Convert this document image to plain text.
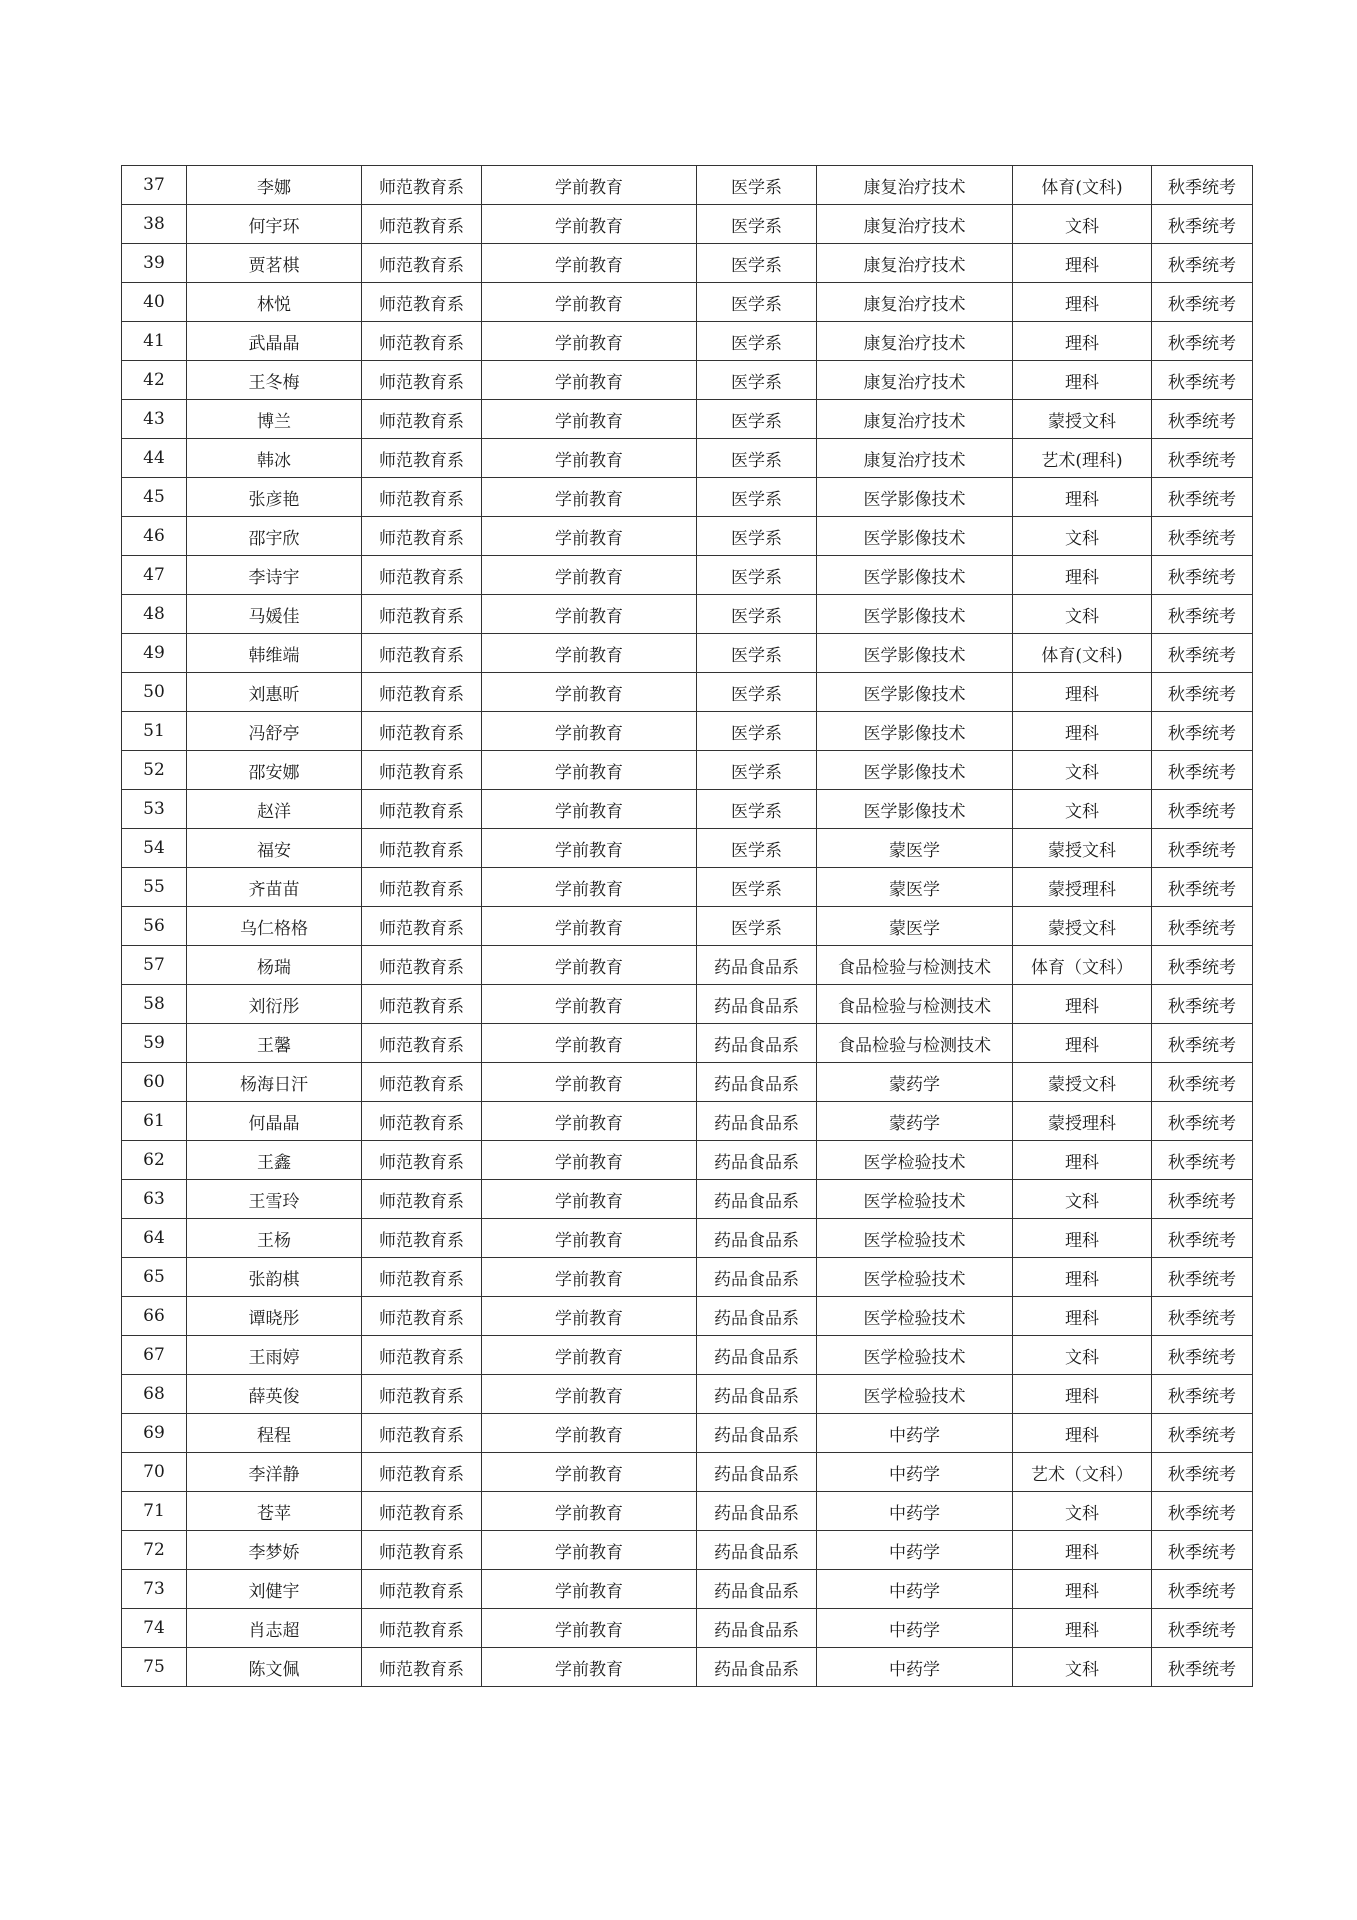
37	李娜	师范教育系	学前教育	医学系	康复治疗技术	体育(文科)	秋季统考
38	何宇环	师范教育系	学前教育	医学系	康复治疗技术	文科	秋季统考
39	贾茗棋	师范教育系	学前教育	医学系	康复治疗技术	理科	秋季统考
40	林悦	师范教育系	学前教育	医学系	康复治疗技术	理科	秋季统考
41	武晶晶	师范教育系	学前教育	医学系	康复治疗技术	理科	秋季统考
42	王冬梅	师范教育系	学前教育	医学系	康复治疗技术	理科	秋季统考
43	博兰	师范教育系	学前教育	医学系	康复治疗技术	蒙授文科	秋季统考
44	韩冰	师范教育系	学前教育	医学系	康复治疗技术	艺术(理科)	秋季统考
45	张彦艳	师范教育系	学前教育	医学系	医学影像技术	理科	秋季统考
46	邵宇欣	师范教育系	学前教育	医学系	医学影像技术	文科	秋季统考
47	李诗宇	师范教育系	学前教育	医学系	医学影像技术	理科	秋季统考
48	马媛佳	师范教育系	学前教育	医学系	医学影像技术	文科	秋季统考
49	韩维端	师范教育系	学前教育	医学系	医学影像技术	体育(文科)	秋季统考
50	刘惠昕	师范教育系	学前教育	医学系	医学影像技术	理科	秋季统考
51	冯舒亭	师范教育系	学前教育	医学系	医学影像技术	理科	秋季统考
52	邵安娜	师范教育系	学前教育	医学系	医学影像技术	文科	秋季统考
53	赵洋	师范教育系	学前教育	医学系	医学影像技术	文科	秋季统考
54	福安	师范教育系	学前教育	医学系	蒙医学	蒙授文科	秋季统考
55	齐苗苗	师范教育系	学前教育	医学系	蒙医学	蒙授理科	秋季统考
56	乌仁格格	师范教育系	学前教育	医学系	蒙医学	蒙授文科	秋季统考
57	杨瑞	师范教育系	学前教育	药品食品系	食品检验与检测技术	体育（文科）	秋季统考
58	刘衍彤	师范教育系	学前教育	药品食品系	食品检验与检测技术	理科	秋季统考
59	王馨	师范教育系	学前教育	药品食品系	食品检验与检测技术	理科	秋季统考
60	杨海日汗	师范教育系	学前教育	药品食品系	蒙药学	蒙授文科	秋季统考
61	何晶晶	师范教育系	学前教育	药品食品系	蒙药学	蒙授理科	秋季统考
62	王鑫	师范教育系	学前教育	药品食品系	医学检验技术	理科	秋季统考
63	王雪玲	师范教育系	学前教育	药品食品系	医学检验技术	文科	秋季统考
64	王杨	师范教育系	学前教育	药品食品系	医学检验技术	理科	秋季统考
65	张韵棋	师范教育系	学前教育	药品食品系	医学检验技术	理科	秋季统考
66	谭晓彤	师范教育系	学前教育	药品食品系	医学检验技术	理科	秋季统考
67	王雨婷	师范教育系	学前教育	药品食品系	医学检验技术	文科	秋季统考
68	薛英俊	师范教育系	学前教育	药品食品系	医学检验技术	理科	秋季统考
69	程程	师范教育系	学前教育	药品食品系	中药学	理科	秋季统考
70	李洋静	师范教育系	学前教育	药品食品系	中药学	艺术（文科）	秋季统考
71	苍苹	师范教育系	学前教育	药品食品系	中药学	文科	秋季统考
72	李梦娇	师范教育系	学前教育	药品食品系	中药学	理科	秋季统考
73	刘健宇	师范教育系	学前教育	药品食品系	中药学	理科	秋季统考
74	肖志超	师范教育系	学前教育	药品食品系	中药学	理科	秋季统考
75	陈文佩	师范教育系	学前教育	药品食品系	中药学	文科	秋季统考
